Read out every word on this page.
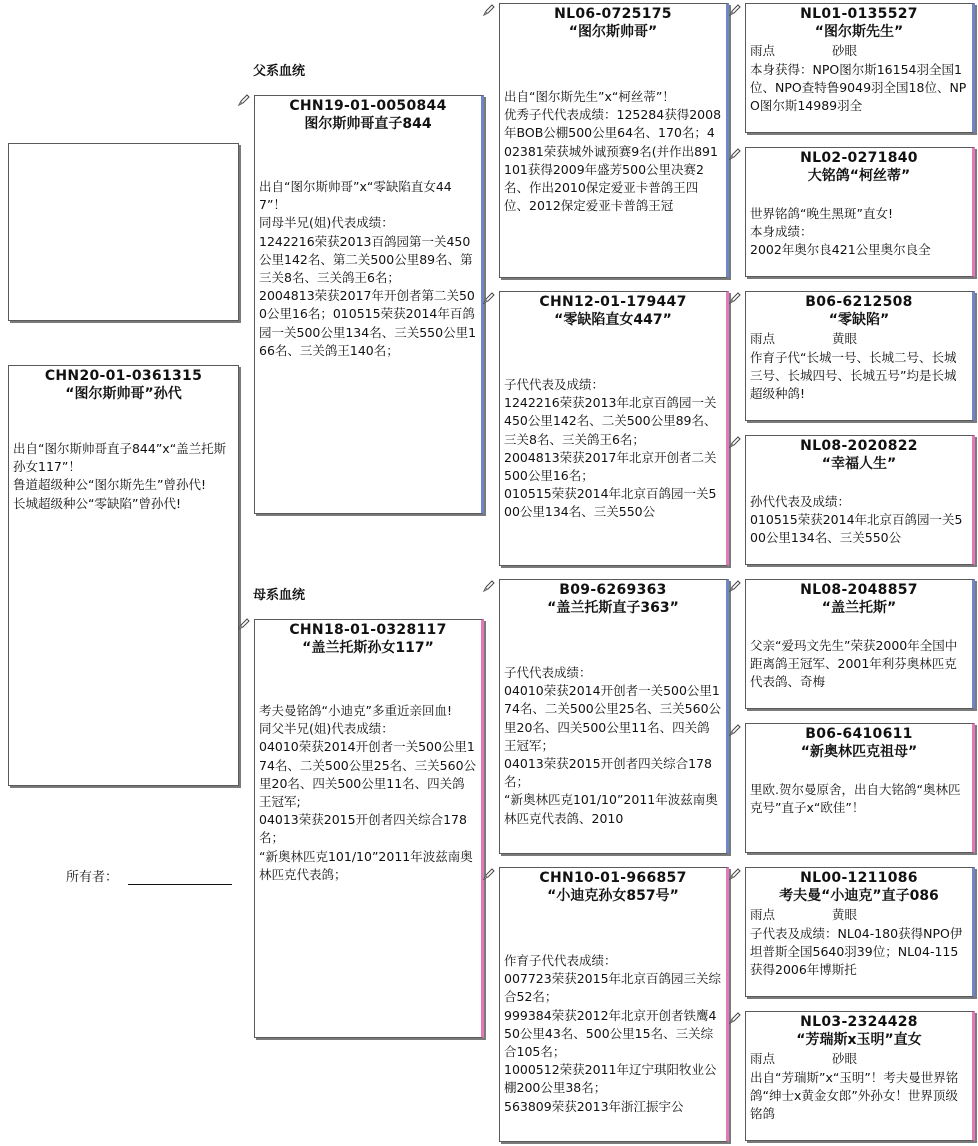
父系血统
母系血统
所有者：
CHN20-01-0361315
“图尔斯帅哥”孙代
出自“图尔斯帅哥直子844”x“盖兰托斯孙女117”！
鲁道超级种公“图尔斯先生”曾孙代!
长城超级种公“零缺陷”曾孙代!
CHN19-01-0050844
图尔斯帅哥直子844
出自“图尔斯帅哥”x“零缺陷直女447”！
同母半兄(姐)代表成绩：
1242216荣获2013百鸽园第一关450公里142名、第二关500公里89名、第三关8名、三关鸽王6名；
2004813荣获2017年开创者第二关500公里16名；010515荣获2014年百鸽园一关500公里134名、三关550公里166名、三关鸽王140名；
CHN18-01-0328117
“盖兰托斯孙女117”
考夫曼铭鸽“小迪克”多重近亲回血!
同父半兄(姐)代表成绩：
04010荣获2014开创者一关500公里174名、二关500公里25名、三关560公里20名、四关500公里11名、四关鸽王冠军;
04013荣获2015开创者四关综合178名；
“新奥林匹克101/10”2011年波兹南奥林匹克代表鸽；
NL06-0725175
“图尔斯帅哥”
出自“图尔斯先生”x“柯丝蒂”！
优秀子代代表成绩：125284获得2008年BOB公棚500公里64名、170名；402381荣获城外诚预赛9名(并作出891101获得2009年盛芳500公里决赛2名、作出2010保定爱亚卡普鸽王四位、2012保定爱亚卡普鸽王冠
CHN12-01-179447
“零缺陷直女447”
子代代表及成绩：
1242216荣获2013年北京百鸽园一关450公里142名、二关500公里89名、三关8名、三关鸽王6名；
2004813荣获2017年北京开创者二关500公里16名；
010515荣获2014年北京百鸽园一关500公里134名、三关550公
B09-6269363
“盖兰托斯直子363”
子代代表成绩：
04010荣获2014开创者一关500公里174名、二关500公里25名、三关560公里20名、四关500公里11名、四关鸽王冠军；
04013荣获2015开创者四关综合178名；
“新奥林匹克101/10”2011年波兹南奥林匹克代表鸽、2010
CHN10-01-966857
“小迪克孙女857号”
作育子代代表成绩：
007723荣获2015年北京百鸽园三关综合52名；
999384荣获2012年北京开创者铁鹰450公里43名、500公里15名、三关综合105名；
1000512荣获2011年辽宁琪阳牧业公棚200公里38名；
563809荣获2013年浙江振宇公
NL01-0135527
“图尔斯先生”
雨点	砂眼
本身获得：NPO图尔斯16154羽全国1位、NPO查特鲁9049羽全国18位、NPO图尔斯14989羽全
NL02-0271840
大铭鸽“柯丝蒂”
世界铭鸽“晚生黑斑”直女!
本身成绩：
2002年奥尔良421公里奥尔良全
B06-6212508
“零缺陷”
雨点	黄眼
作育子代“长城一号、长城二号、长城三号、长城四号、长城五号”均是长城超级种鸽!
NL08-2020822
“幸福人生”
孙代代表及成绩：
010515荣获2014年北京百鸽园一关500公里134名、三关550公
NL08-2048857
“盖兰托斯”
父亲“爱玛文先生”荣获2000年全国中距离鸽王冠军、2001年利芬奥林匹克代表鸽、奇梅
B06-6410611
“新奥林匹克祖母”
里欧.贺尔曼原舍，出自大铭鸽“奥林匹克号”直子x“欧佳”！
NL00-1211086
考夫曼“小迪克”直子086
雨点	黄眼
子代表及成绩：NL04-180获得NPO伊坦普斯全国5640羽39位；NL04-115获得2006年博斯托
NL03-2324428
“芳瑞斯x玉明”直女
雨点	砂眼
出自“芳瑞斯”x“玉明”！考夫曼世界铭鸽“绅士x黄金女郎”外孙女！世界顶级铭鸽
